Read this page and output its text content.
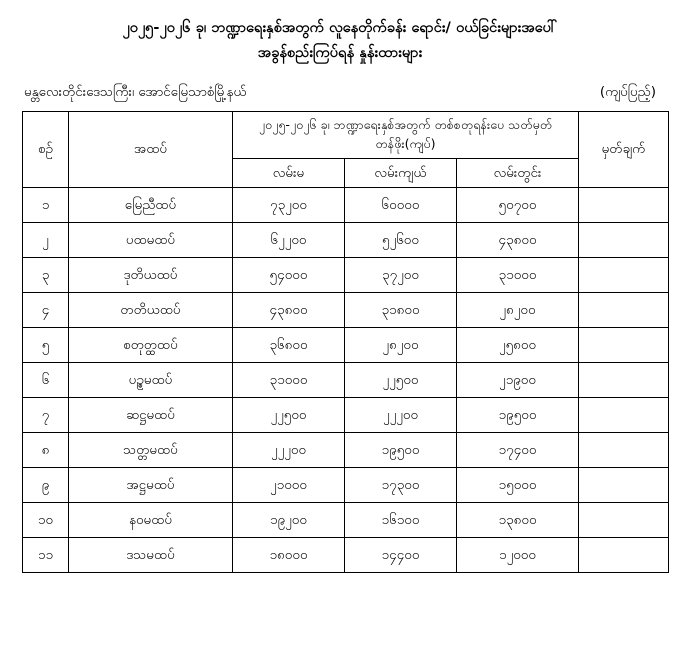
၂၀၂၅-၂၀၂၆ ခု၊ ဘဏ္ဍာရေးနှစ်အတွက် လူနေတိုက်ခန်း ရောင်း/ ဝယ်ခြင်းများအပေါ်
အခွန်စည်းကြပ်ရန် နှုန်းထားများ
မန္တလေးတိုင်းဒေသကြီး၊ အောင်မြေသာစံမြို့နယ်	(ကျပ်ပြည့်)
စဉ်	အထပ်	၂၀၂၅-၂၀၂၆ ခု၊ ဘဏ္ဍာရေးနှစ်အတွက် တစ်စတုရန်းပေ သတ်မှတ်တန်ဖိုး(ကျပ်)			မှတ်ချက်
		လမ်းမ	လမ်းကျယ်	လမ်းတွင်း	
၁	မြေညီထပ်	၇၃၂၀၀	၆၀၀၀၀	၅၀၇၀၀	
၂	ပထမထပ်	၆၂၂၀၀	၅၂၆၀၀	၄၃၈၀၀	
၃	ဒုတိယထပ်	၅၄၀၀၀	၃၇၂၀၀	၃၁၀၀၀	
၄	တတိယထပ်	၄၃၈၀၀	၃၁၈၀၀	၂၈၂၀၀	
၅	စတုတ္ထထပ်	၃၆၈၀၀	၂၈၂၀၀	၂၅၈၀၀	
၆	ပဉ္စမထပ်	၃၁၀၀၀	၂၂၅၀၀	၂၁၉၀၀	
၇	ဆဋ္ဌမထပ်	၂၂၅၀၀	၂၂၂၀၀	၁၉၅၀၀	
၈	သတ္တမထပ်	၂၂၂၀၀	၁၉၅၀၀	၁၇၄၀၀	
၉	အဋ္ဌမထပ်	၂၁၀၀၀	၁၇၃၀၀	၁၅၀၀၀	
၁၀	နဝမထပ်	၁၉၂၀၀	၁၆၁၀၀	၁၃၈၀၀	
၁၁	ဒသမထပ်	၁၈၀၀၀	၁၄၄၀၀	၁၂၀၀၀	
